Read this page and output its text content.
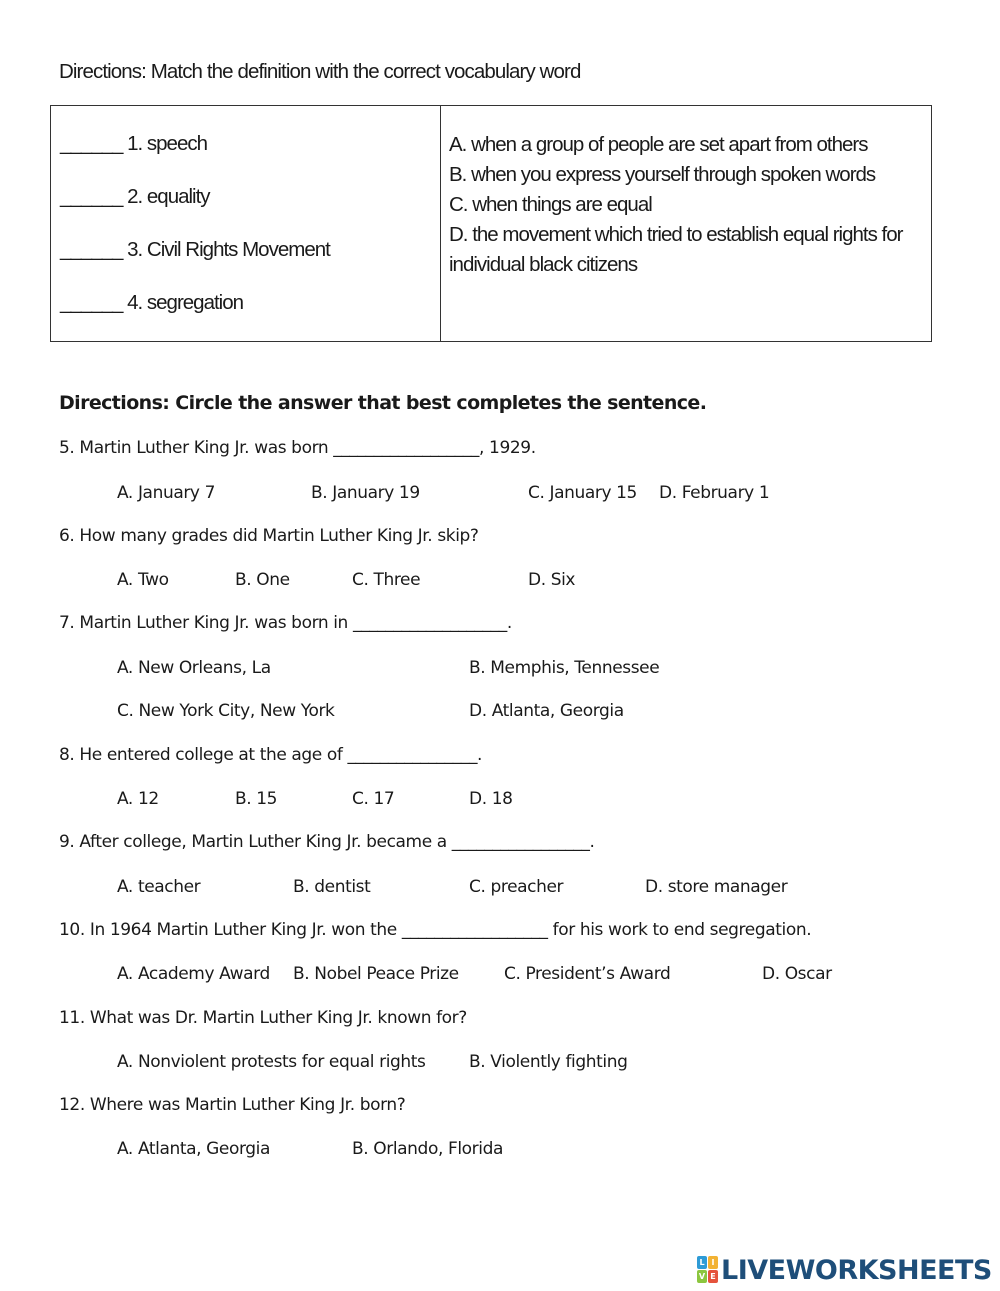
Directions: Match the definition with the correct vocabulary word
______ 1. speech
______ 2. equality
______ 3. Civil Rights Movement
______ 4. segregation
A. when a group of people are set apart from others
B. when you express yourself through spoken words
C. when things are equal
D. the movement which tried to establish equal rights for individual black citizens
Directions: Circle the answer that best completes the sentence.
5. Martin Luther King Jr. was born __________________, 1929.
A. January 7	B. January 19	C. January 15 D. February 1
6. How many grades did Martin Luther King Jr. skip?
A. Two	B. One	C. Three	D. Six
7. Martin Luther King Jr. was born in ___________________.
A. New Orleans, La	B. Memphis, Tennessee
C. New York City, New York	D. Atlanta, Georgia
8. He entered college at the age of ________________.
A. 12	B. 15	C. 17	D. 18
9. After college, Martin Luther King Jr. became a _________________.
A. teacher	B. dentist	C. preacher	D. store manager
10. In 1964 Martin Luther King Jr. won the __________________ for his work to end segregation.
A. Academy Award B. Nobel Peace Prize	C. President’s Award	D. Oscar
11. What was Dr. Martin Luther King Jr. known for?
A. Nonviolent protests for equal rights	B. Violently fighting
12. Where was Martin Luther King Jr. born?
A. Atlanta, Georgia	B. Orlando, Florida
L I
V E LIVEWORKSHEETS
